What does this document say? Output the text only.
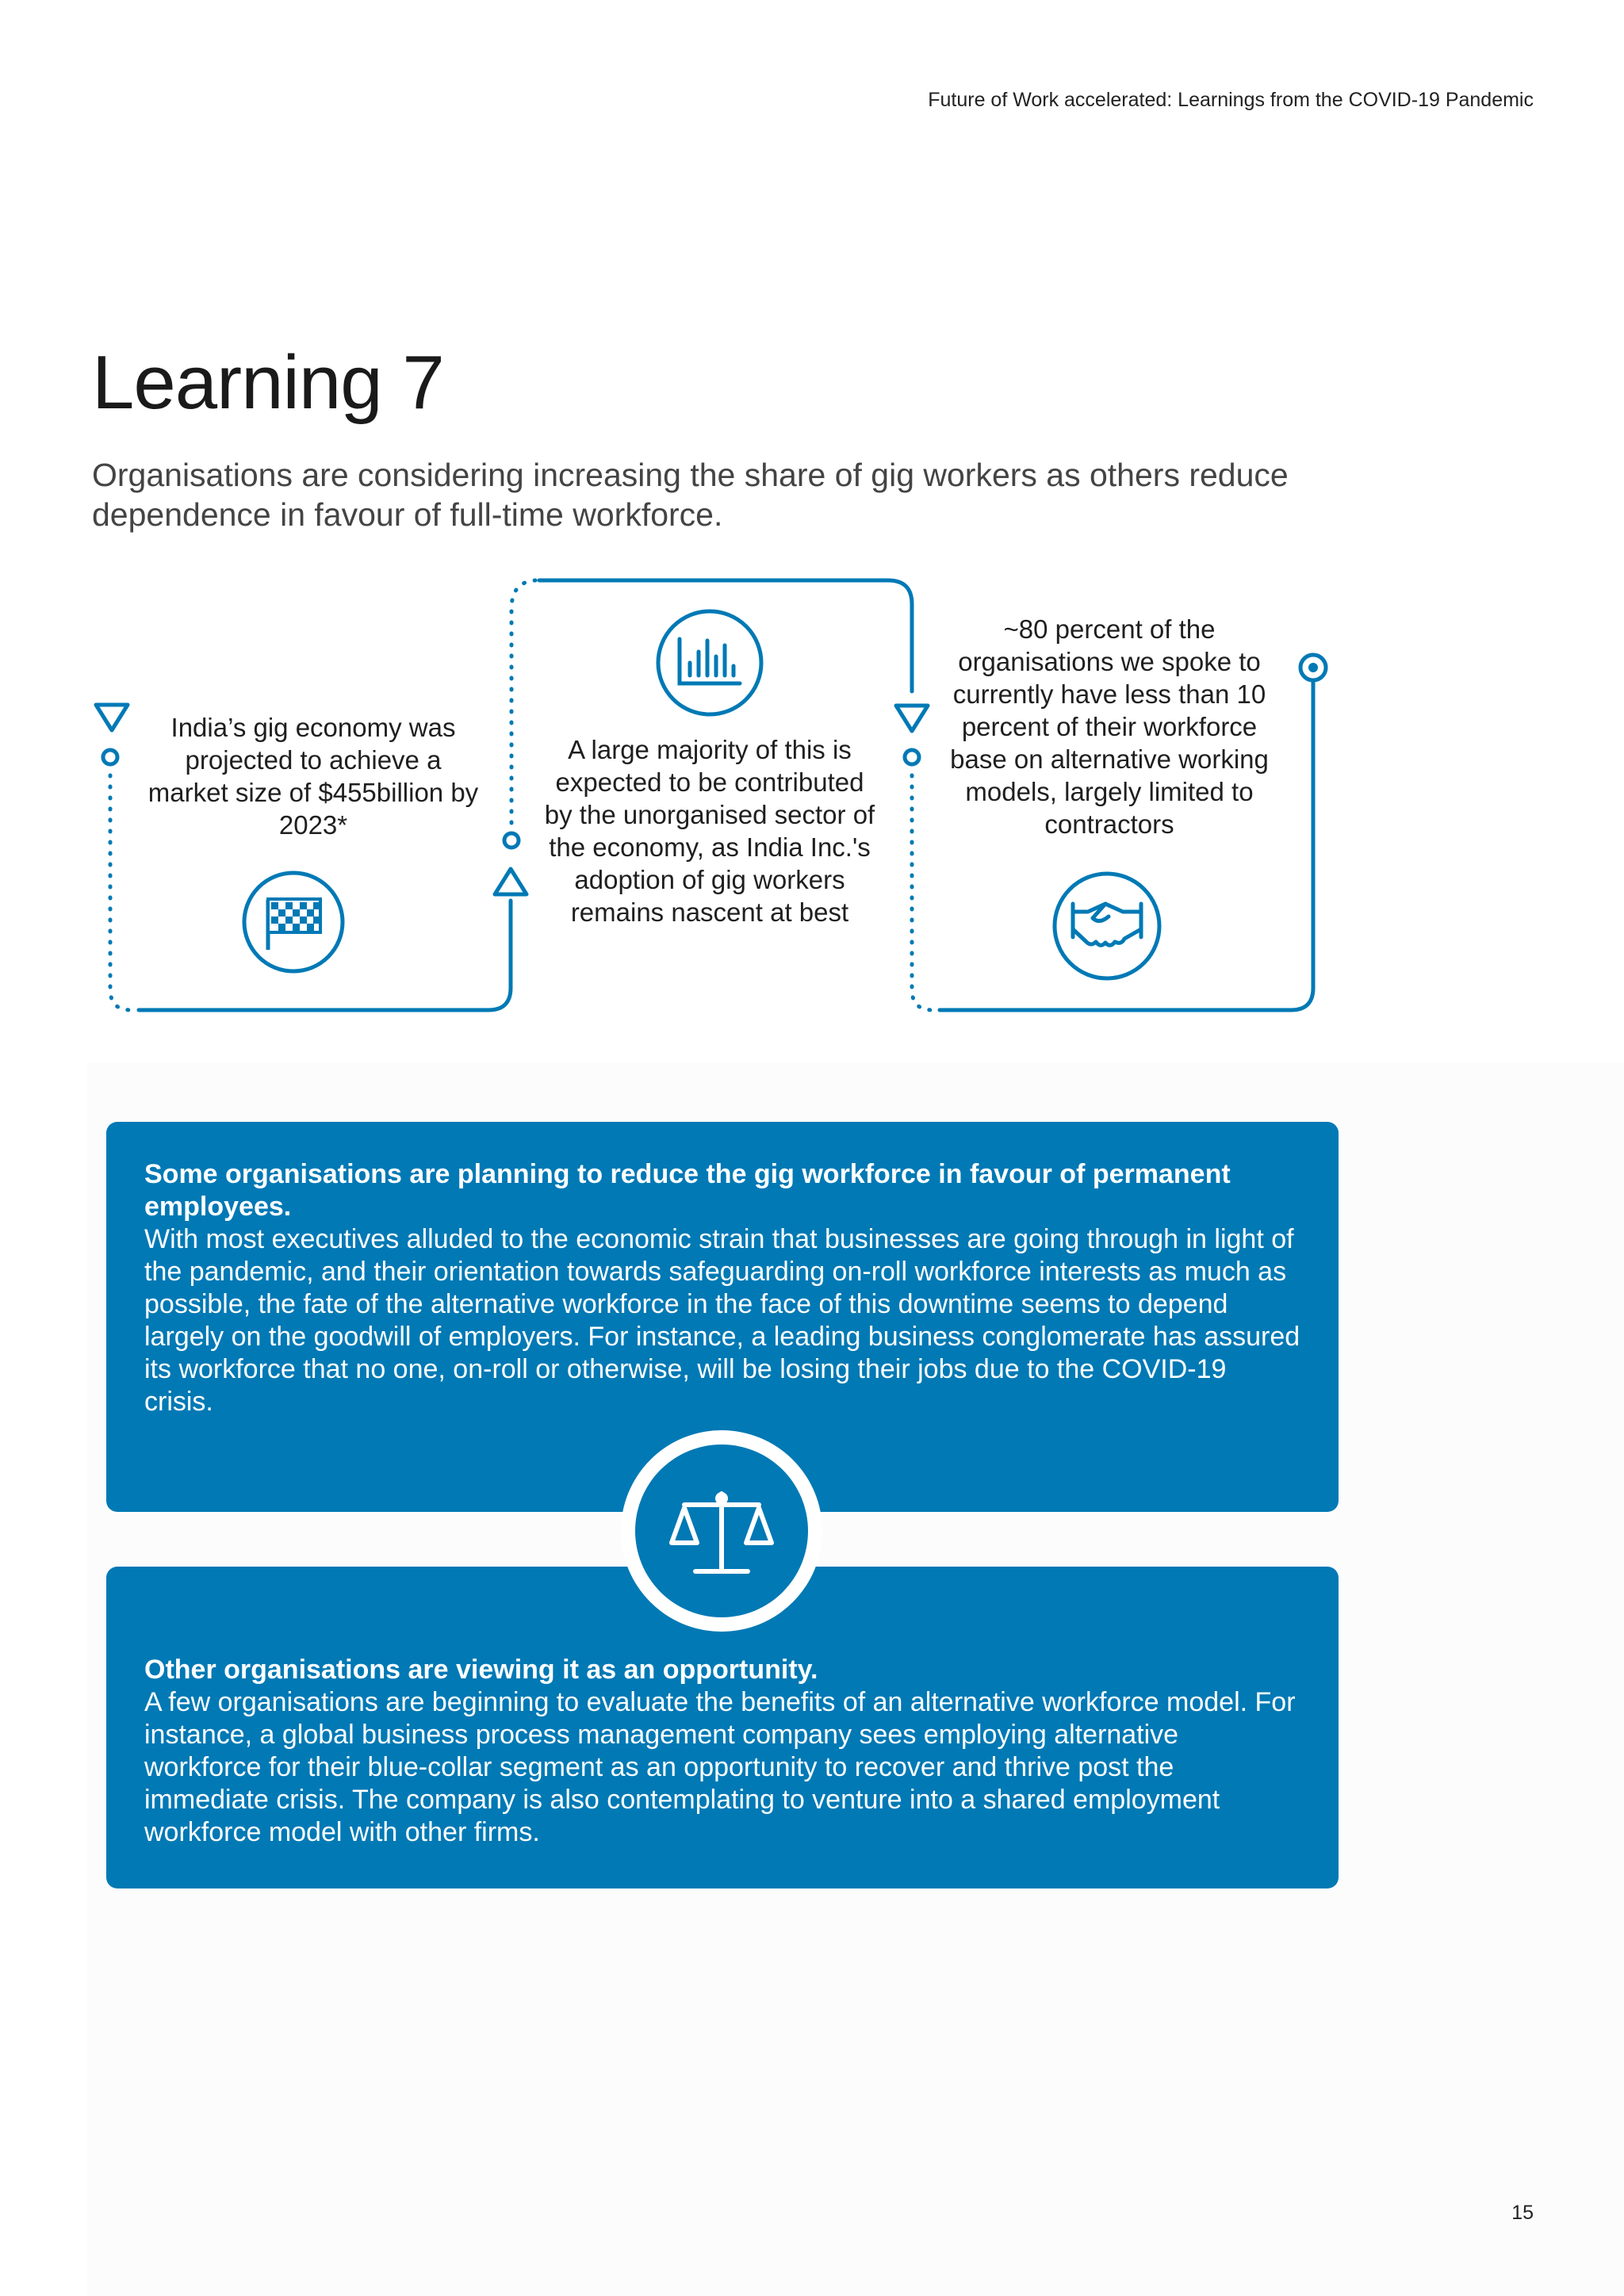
Future of Work accelerated: Learnings from the COVID-19 Pandemic
Learning 7
Organisations are considering increasing the share of gig workers as others reduce dependence in favour of full-time workforce.
India’s gig economy was projected to achieve a market size of $455billion by 2023*
A large majority of this is expected to be contributed by the unorganised sector of the economy, as India Inc.'s adoption of gig workers remains nascent at best
~80 percent of the organisations we spoke to currently have less than 10 percent of their workforce base on alternative working models, largely limited to contractors
Some organisations are planning to reduce the gig workforce in favour of permanent employees.
With most executives alluded to the economic strain that businesses are going through in light of the pandemic, and their orientation towards safeguarding on-roll workforce interests as much as possible, the fate of the alternative workforce in the face of this downtime seems to depend largely on the goodwill of employers. For instance, a leading business conglomerate has assured its workforce that no one, on-roll or otherwise, will be losing their jobs due to the COVID-19 crisis.
Other organisations are viewing it as an opportunity.
A few organisations are beginning to evaluate the benefits of an alternative workforce model. For instance, a global business process management company sees employing alternative workforce for their blue-collar segment as an opportunity to recover and thrive post the immediate crisis. The company is also contemplating to venture into a shared employment workforce model with other firms.
15
